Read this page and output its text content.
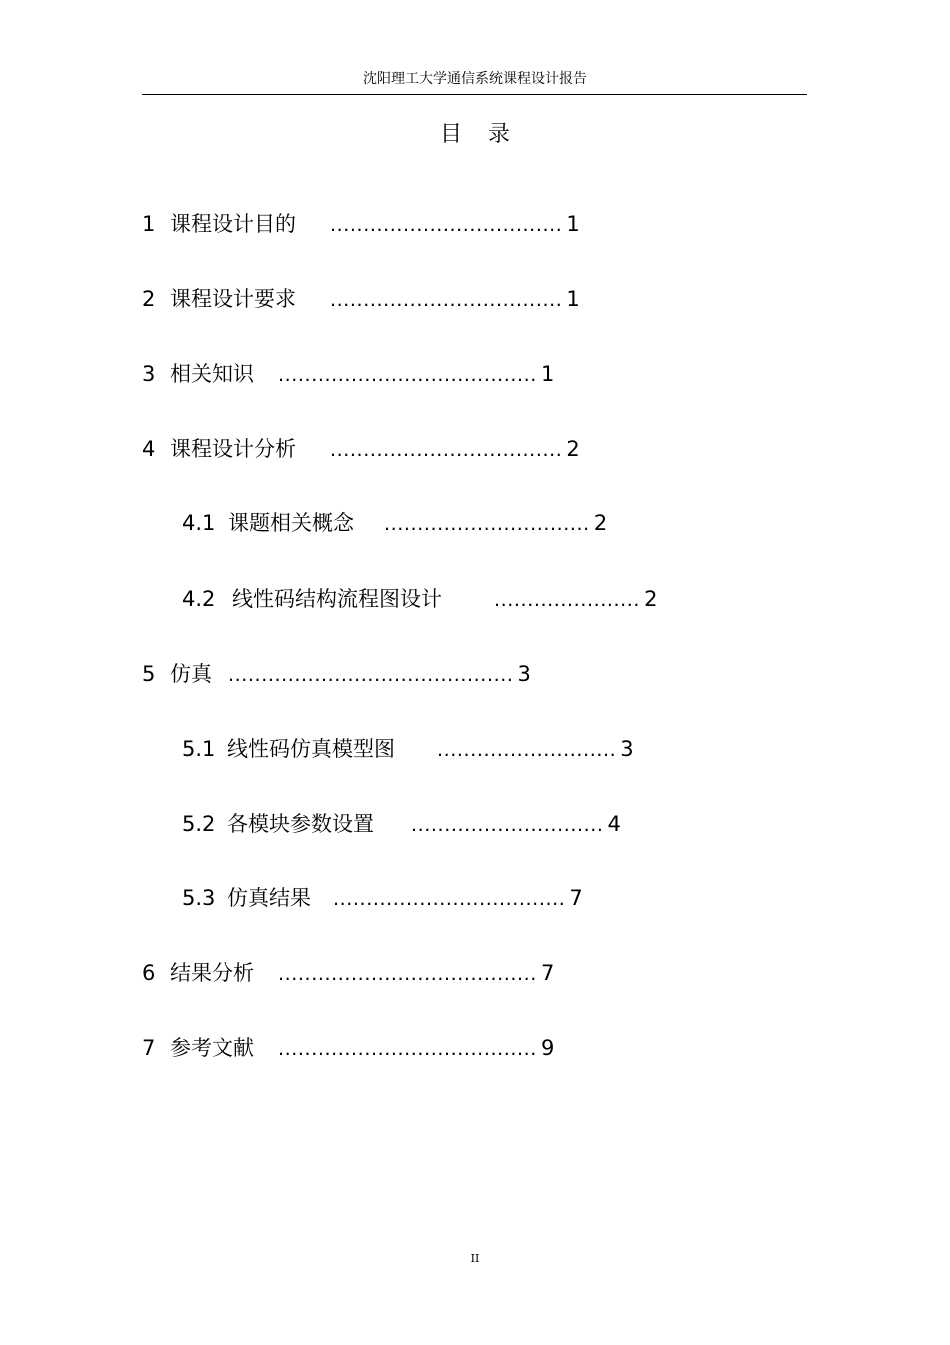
沈阳理工大学通信系统课程设计报告
目录
1 课程设计目的	................................... 1
2 课程设计要求	................................... 1
3 相关知识	....................................... 1
4 课程设计分析	................................... 2
4.1 课题相关概念	............................... 2
4.2 线性码结构流程图设计	...................... 2
5 仿真 ........................................... 3
5.1 线性码仿真模型图	........................... 3
5.2 各模块参数设置	............................. 4
5.3 仿真结果	................................... 7
6 结果分析	....................................... 7
7 参考文献	....................................... 9
II
